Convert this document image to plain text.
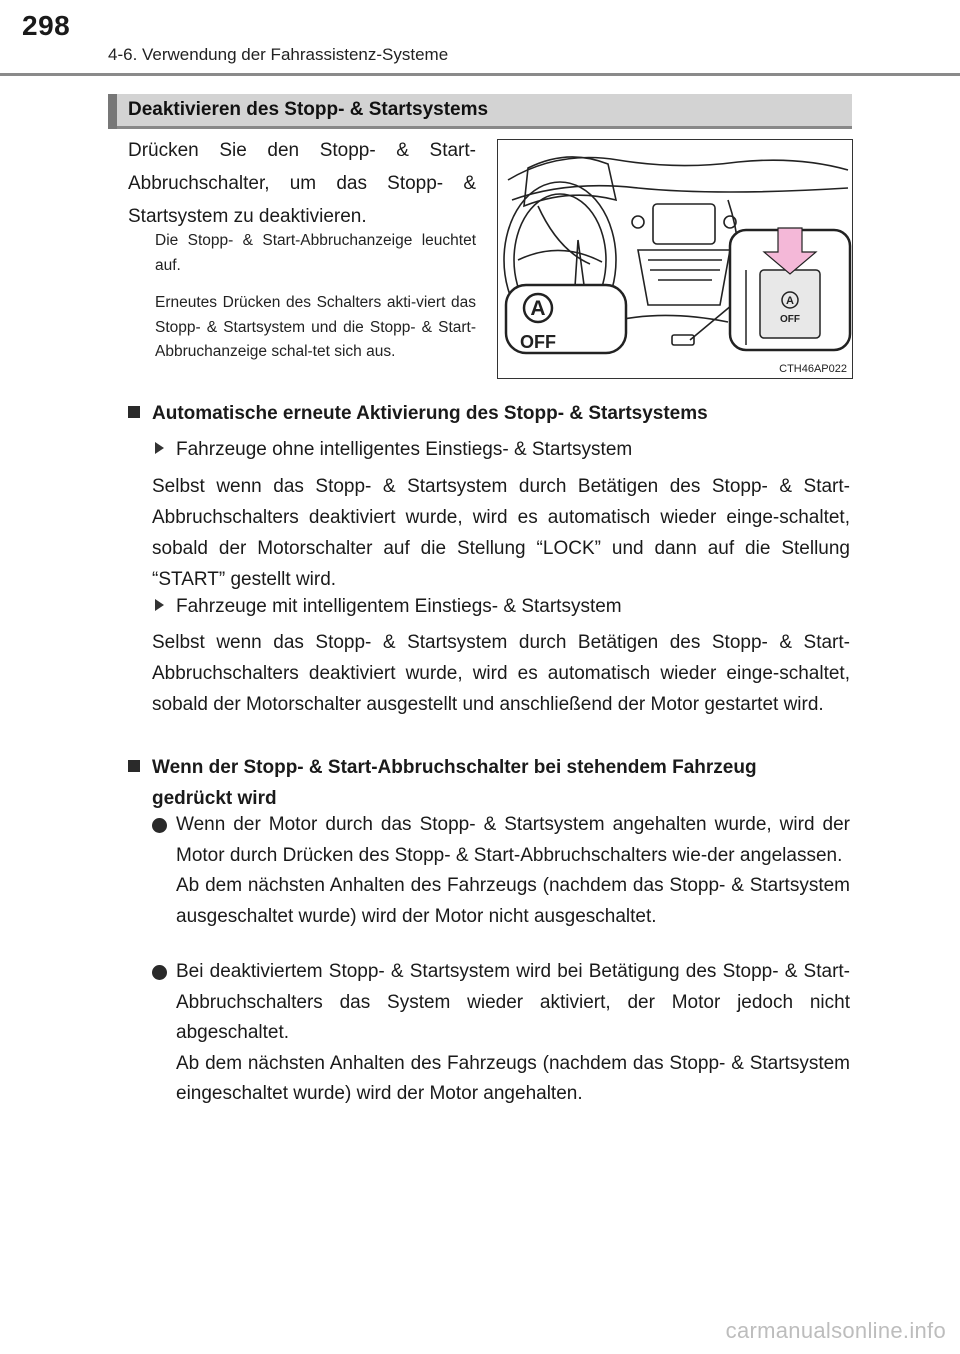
298
4-6. Verwendung der Fahrassistenz-Systeme
Deaktivieren des Stopp- & Startsystems
Drücken Sie den Stopp- & Start-Abbruchschalter, um das Stopp- & Startsystem zu deaktivieren.
Die Stopp- & Start-Abbruchanzeige leuchtet auf.
Erneutes Drücken des Schalters akti-viert das Stopp- & Startsystem und die Stopp- & Start-Abbruchanzeige schal-tet sich aus.
A
OFF
A
OFF
CTH46AP022
Automatische erneute Aktivierung des Stopp- & Startsystems
Fahrzeuge ohne intelligentes Einstiegs- & Startsystem
Selbst wenn das Stopp- & Startsystem durch Betätigen des Stopp- & Start-Abbruchschalters deaktiviert wurde, wird es automatisch wieder einge-schaltet, sobald der Motorschalter auf die Stellung “LOCK” und dann auf die Stellung “START” gestellt wird.
Fahrzeuge mit intelligentem Einstiegs- & Startsystem
Selbst wenn das Stopp- & Startsystem durch Betätigen des Stopp- & Start-Abbruchschalters deaktiviert wurde, wird es automatisch wieder einge-schaltet, sobald der Motorschalter ausgestellt und anschließend der Motor gestartet wird.
Wenn der Stopp- & Start-Abbruchschalter bei stehendem Fahrzeug
gedrückt wird
Wenn der Motor durch das Stopp- & Startsystem angehalten wurde, wird der Motor durch Drücken des Stopp- & Start-Abbruchschalters wie-der angelassen.
Ab dem nächsten Anhalten des Fahrzeugs (nachdem das Stopp- & Startsystem ausgeschaltet wurde) wird der Motor nicht ausgeschaltet.
Bei deaktiviertem Stopp- & Startsystem wird bei Betätigung des Stopp- & Start-Abbruchschalters das System wieder aktiviert, der Motor jedoch nicht abgeschaltet.
Ab dem nächsten Anhalten des Fahrzeugs (nachdem das Stopp- & Startsystem eingeschaltet wurde) wird der Motor angehalten.
carmanualsonline.info
